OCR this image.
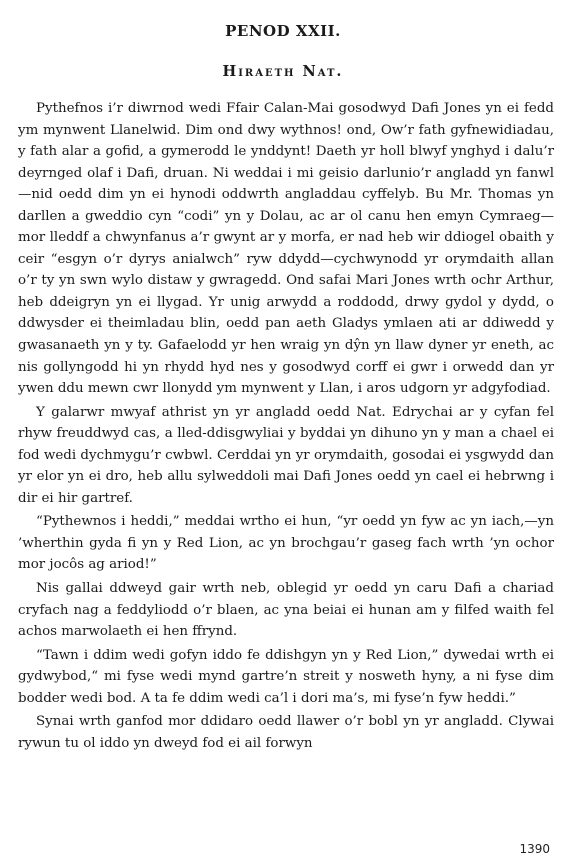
PENOD XXII.
Hiraeth Nat.

Pythefnos i’r diwrnod wedi Ffair Calan-Mai gosodwyd Dafi Jones yn ei fedd ym mynwent Llanelwid. Dim ond dwy wythnos! ond, Ow’r fath gyfnewidiadau, y fath alar a gofid, a gymerodd le ynddynt! Daeth yr holl blwyf ynghyd i dalu’r deyrnged olaf i Dafi, druan. Ni weddai i mi geisio darlunio’r angladd yn fanwl—nid oedd dim yn ei hynodi oddwrth angladdau cyffelyb. Bu Mr. Thomas yn darllen a gweddio cyn “codi” yn y Dolau, ac ar ol canu hen emyn Cymraeg—mor lleddf a chwynfanus a’r gwynt ar y morfa, er nad heb wir ddiogel obaith y ceir “esgyn o’r dyrys anialwch” ryw ddydd—cychwynodd yr orymdaith allan o’r ty yn swn wylo distaw y gwragedd. Ond safai Mari Jones wrth ochr Arthur, heb ddeigryn yn ei llygad. Yr unig arwydd a roddodd, drwy gydol y dydd, o ddwysder ei theimladau blin, oedd pan aeth Gladys ymlaen ati ar ddiwedd y gwasanaeth yn y ty. Gafaelodd yr hen wraig yn dŷn yn llaw dyner yr eneth, ac nis gollyngodd hi yn rhydd hyd nes y gosodwyd corff ei gwr i orwedd dan yr ywen ddu mewn cwr llonydd ym mynwent y Llan, i aros udgorn yr adgyfodiad.

Y galarwr mwyaf athrist yn yr angladd oedd Nat. Edrychai ar y cyfan fel rhyw freuddwyd cas, a lled-ddisgwyliai y byddai yn dihuno yn y man a chael ei fod wedi dychmygu’r cwbwl. Cerddai yn yr orymdaith, gosodai ei ysgwydd dan yr elor yn ei dro, heb allu sylweddoli mai Dafi Jones oedd yn cael ei hebrwng i dir ei hir gartref.

“Pythewnos i heddi,” meddai wrtho ei hun, “yr oedd yn fyw ac yn iach,—yn ’wherthin gyda fi yn y Red Lion, ac yn brochgau’r gaseg fach wrth ’yn ochor mor jocôs ag ariod!”

Nis gallai ddweyd gair wrth neb, oblegid yr oedd yn caru Dafi a chariad cryfach nag a feddyliodd o’r blaen, ac yna beiai ei hunan am y filfed waith fel achos marwolaeth ei hen ffrynd.

“Tawn i ddim wedi gofyn iddo fe ddishgyn yn y Red Lion,” dywedai wrth ei gydwybod,“ mi fyse wedi mynd gartre’n streit y nosweth hyny, a ni fyse dim bodder wedi bod. A ta fe ddim wedi ca’l i dori ma’s, mi fyse’n fyw heddi.”

Synai wrth ganfod mor ddidaro oedd llawer o’r bobl yn yr angladd. Clywai rywun tu ol iddo yn dweyd fod ei ail forwyn

1390
